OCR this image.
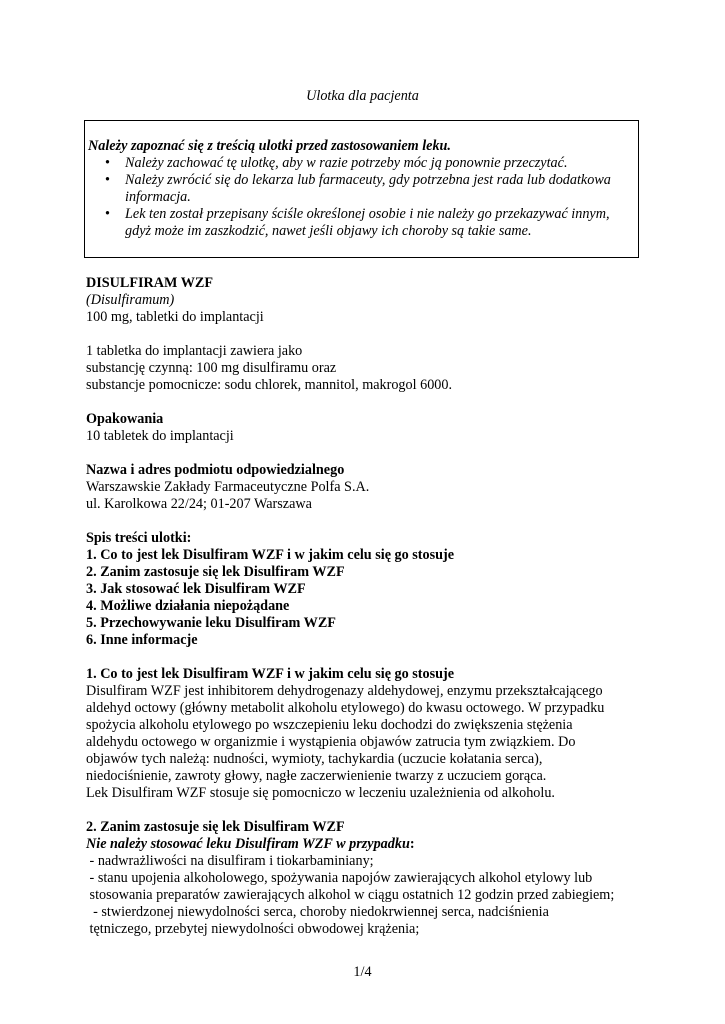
Ulotka dla pacjenta
Należy zapoznać się z treścią ulotki przed zastosowaniem leku.
• Należy zachować tę ulotkę, aby w razie potrzeby móc ją ponownie przeczytać.
• Należy zwrócić się do lekarza lub farmaceuty, gdy potrzebna jest rada lub dodatkowa informacja.
• Lek ten został przepisany ściśle określonej osobie i nie należy go przekazywać innym, gdyż może im zaszkodzić, nawet jeśli objawy ich choroby są takie same.
DISULFIRAM WZF
(Disulfiramum)
100 mg, tabletki do implantacji
1 tabletka do implantacji zawiera jako
substancję czynną: 100 mg disulfiramu oraz
substancje pomocnicze: sodu chlorek, mannitol, makrogol 6000.
Opakowania
10 tabletek do implantacji
Nazwa i adres podmiotu odpowiedzialnego
Warszawskie Zakłady Farmaceutyczne Polfa S.A.
ul. Karolkowa 22/24; 01-207 Warszawa
Spis treści ulotki:
1. Co to jest lek Disulfiram WZF i w jakim celu się go stosuje
2. Zanim zastosuje się lek Disulfiram WZF
3. Jak stosować lek Disulfiram WZF
4. Możliwe działania niepożądane
5. Przechowywanie leku Disulfiram WZF
6. Inne informacje
1. Co to jest lek Disulfiram WZF i w jakim celu się go stosuje
Disulfiram WZF jest inhibitorem dehydrogenazy aldehydowej, enzymu przekształcającego
aldehyd octowy (główny metabolit alkoholu etylowego) do kwasu octowego. W przypadku
spożycia alkoholu etylowego po wszczepieniu leku dochodzi do zwiększenia stężenia
aldehydu octowego w organizmie i wystąpienia objawów zatrucia tym związkiem. Do
objawów tych należą: nudności, wymioty, tachykardia (uczucie kołatania serca),
niedociśnienie, zawroty głowy, nagłe zaczerwienienie twarzy z uczuciem gorąca.
Lek Disulfiram WZF stosuje się pomocniczo w leczeniu uzależnienia od alkoholu.
2. Zanim zastosuje się lek Disulfiram WZF
Nie należy stosować leku Disulfiram WZF w przypadku:
- nadwrażliwości na disulfiram i tiokarbaminiany;
- stanu upojenia alkoholowego, spożywania napojów zawierających alkohol etylowy lub
stosowania preparatów zawierających alkohol w ciągu ostatnich 12 godzin przed zabiegiem;
- stwierdzonej niewydolności serca, choroby niedokrwiennej serca, nadciśnienia
tętniczego, przebytej niewydolności obwodowej krążenia;
1/4
